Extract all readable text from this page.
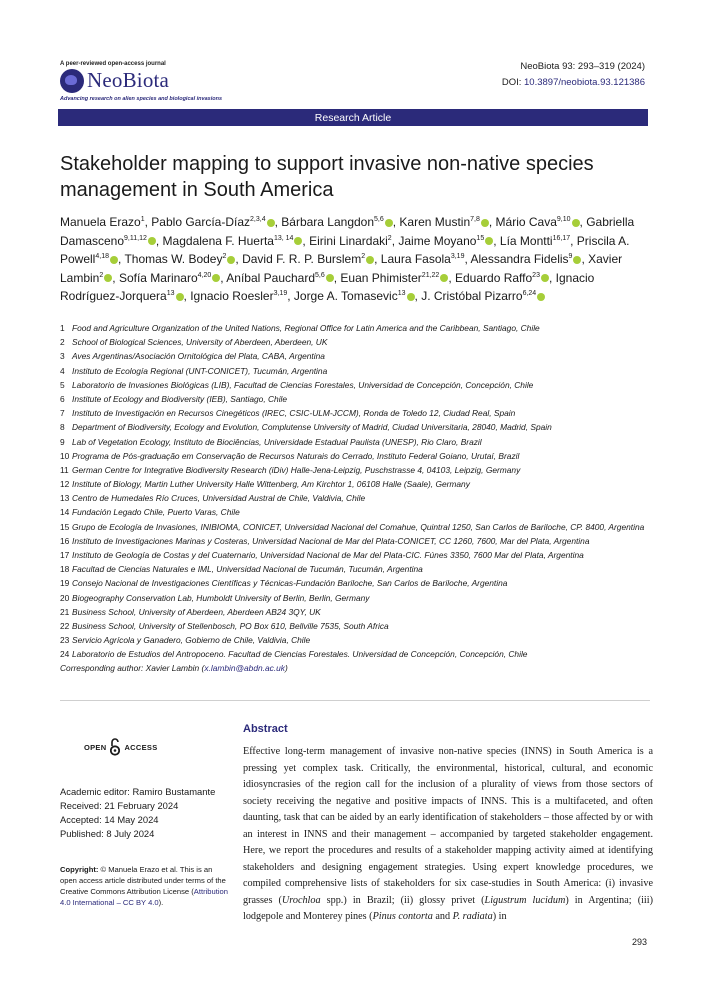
A peer-reviewed open-access journal
NeoBiota
Advancing research on alien species and biological invasions
NeoBiota 93: 293–319 (2024)
DOI: 10.3897/neobiota.93.121386
Research Article
Stakeholder mapping to support invasive non-native species management in South America
Manuela Erazo$^1$, Pablo García-Díaz$^{2,3,4}$ , Bárbara Langdon$^{5,6}$ , Karen Mustin$^{7,8}$ , Mário Cava$^{9,10}$ , Gabriella Damasceno$^{9,11,12}$ , Magdalena F. Huerta$^{13, 14}$ , Eirini Linardaki$^2$, Jaime Moyano$^{15}$ , Lía Montti$^{16,17}$, Priscila A. Powell$^{4,18}$ , Thomas W. Bodey$^2$ , David F. R. P. Burslem$^2$ , Laura Fasola$^{3,19}$, Alessandra Fidelis$^9$ , Xavier Lambin$^2$ , Sofía Marinaro$^{4,20}$ , Aníbal Pauchard$^{5,6}$ , Euan Phimister$^{21,22}$ , Eduardo Raffo$^{23}$ , Ignacio Rodríguez-Jorquera$^{13}$ , Ignacio Roesler$^{3,19}$, Jorge A. Tomasevic$^{13}$ , J. Cristóbal Pizarro$^{6,24}$
1 Food and Agriculture Organization of the United Nations, Regional Office for Latin America and the Caribbean, Santiago, Chile
2 School of Biological Sciences, University of Aberdeen, Aberdeen, UK
3 Aves Argentinas/Asociación Ornitológica del Plata, CABA, Argentina
4 Instituto de Ecología Regional (UNT-CONICET), Tucumán, Argentina
5 Laboratorio de Invasiones Biológicas (LIB), Facultad de Ciencias Forestales, Universidad de Concepción, Concepción, Chile
6 Institute of Ecology and Biodiversity (IEB), Santiago, Chile
7 Instituto de Investigación en Recursos Cinegéticos (IREC, CSIC-ULM-JCCM), Ronda de Toledo 12, Ciudad Real, Spain
8 Department of Biodiversity, Ecology and Evolution, Complutense University of Madrid, Ciudad Universitaria, 28040, Madrid, Spain
9 Lab of Vegetation Ecology, Instituto de Biociências, Universidade Estadual Paulista (UNESP), Rio Claro, Brazil
10 Programa de Pós-graduação em Conservação de Recursos Naturais do Cerrado, Instituto Federal Goiano, Urutaí, Brazil
11 German Centre for Integrative Biodiversity Research (iDiv) Halle-Jena-Leipzig, Puschstrasse 4, 04103, Leipzig, Germany
12 Institute of Biology, Martin Luther University Halle Wittenberg, Am Kirchtor 1, 06108 Halle (Saale), Germany
13 Centro de Humedales Río Cruces, Universidad Austral de Chile, Valdivia, Chile
14 Fundación Legado Chile, Puerto Varas, Chile
15 Grupo de Ecología de Invasiones, INIBIOMA, CONICET, Universidad Nacional del Comahue, Quintral 1250, San Carlos de Bariloche, CP. 8400, Argentina
16 Instituto de Investigaciones Marinas y Costeras, Universidad Nacional de Mar del Plata-CONICET, CC 1260, 7600, Mar del Plata, Argentina
17 Instituto de Geología de Costas y del Cuaternario, Universidad Nacional de Mar del Plata-CIC. Fúnes 3350, 7600 Mar del Plata, Argentina
18 Facultad de Ciencias Naturales e IML, Universidad Nacional de Tucumán, Tucumán, Argentina
19 Consejo Nacional de Investigaciones Científicas y Técnicas-Fundación Bariloche, San Carlos de Bariloche, Argentina
20 Biogeography Conservation Lab, Humboldt University of Berlin, Berlin, Germany
21 Business School, University of Aberdeen, Aberdeen AB24 3QY, UK
22 Business School, University of Stellenbosch, PO Box 610, Bellville 7535, South Africa
23 Servicio Agrícola y Ganadero, Gobierno de Chile, Valdivia, Chile
24 Laboratorio de Estudios del Antropoceno. Facultad de Ciencias Forestales. Universidad de Concepción, Concepción, Chile
Corresponding author: Xavier Lambin (x.lambin@abdn.ac.uk)
OPEN ACCESS
Academic editor: Ramiro Bustamante
Received: 21 February 2024
Accepted: 14 May 2024
Published: 8 July 2024
Copyright: © Manuela Erazo et al. This is an open access article distributed under terms of the Creative Commons Attribution License (Attribution 4.0 International – CC BY 4.0).
Abstract
Effective long-term management of invasive non-native species (INNS) in South America is a pressing yet complex task. Critically, the environmental, historical, cultural, and economic idiosyncrasies of the region call for the inclusion of a plurality of views from those sectors of society receiving the negative and positive impacts of INNS. This is a multifaceted, and often daunting, task that can be aided by an early identification of stakeholders – those affected by or with an interest in INNS and their management – accompanied by targeted stakeholder engagement. Here, we report the procedures and results of a stakeholder mapping activity aimed at identifying stakeholders and designing engagement strategies. Using expert knowledge procedures, we compiled comprehensive lists of stakeholders for six case-studies in South America: (i) invasive grasses (Urochloa spp.) in Brazil; (ii) glossy privet (Ligustrum lucidum) in Argentina; (iii) lodgepole and Monterey pines (Pinus contorta and P. radiata) in
293
